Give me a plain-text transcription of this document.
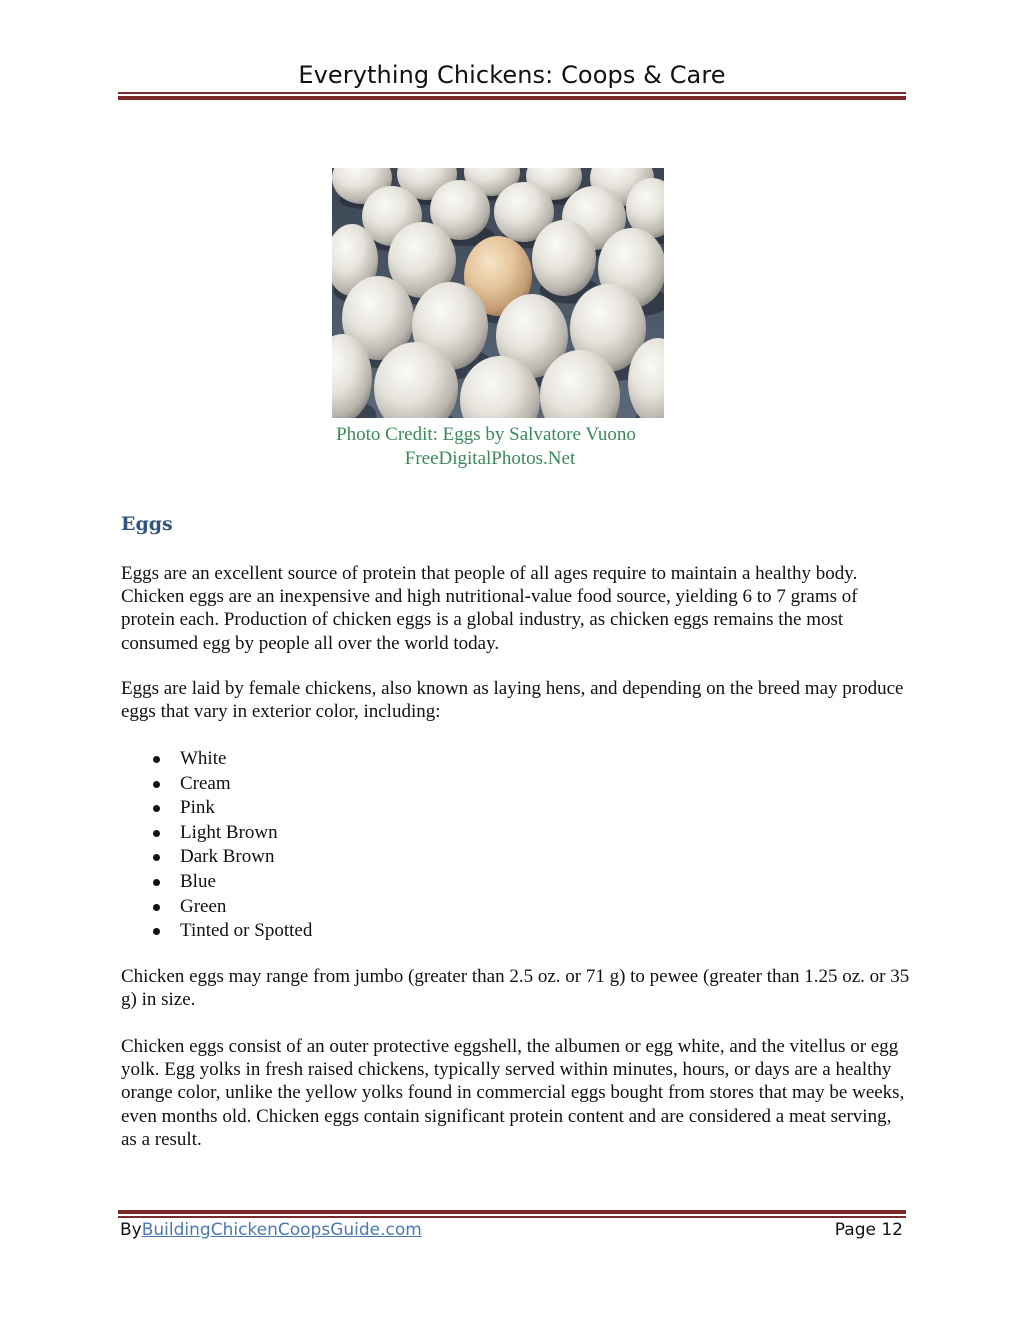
Everything Chickens: Coops & Care
Photo Credit: Eggs by Salvatore Vuono
FreeDigitalPhotos.Net
Eggs

Eggs are an excellent source of protein that people of all ages require to maintain a healthy body. Chicken eggs are an inexpensive and high nutritional-value food source, yielding 6 to 7 grams of protein each. Production of chicken eggs is a global industry, as chicken eggs remains the most consumed egg by people all over the world today.

Eggs are laid by female chickens, also known as laying hens, and depending on the breed may produce eggs that vary in exterior color, including:

White
Cream
Pink
Light Brown
Dark Brown
Blue
Green
Tinted or Spotted

Chicken eggs may range from jumbo (greater than 2.5 oz. or 71 g) to pewee (greater than 1.25 oz. or 35 g) in size.

Chicken eggs consist of an outer protective eggshell, the albumen or egg white, and the vitellus or egg yolk. Egg yolks in fresh raised chickens, typically served within minutes, hours, or days are a healthy orange color, unlike the yellow yolks found in commercial eggs bought from stores that may be weeks, even months old. Chicken eggs contain significant protein content and are considered a meat serving, as a result.

ByBuildingChickenCoopsGuide.com	Page 12
